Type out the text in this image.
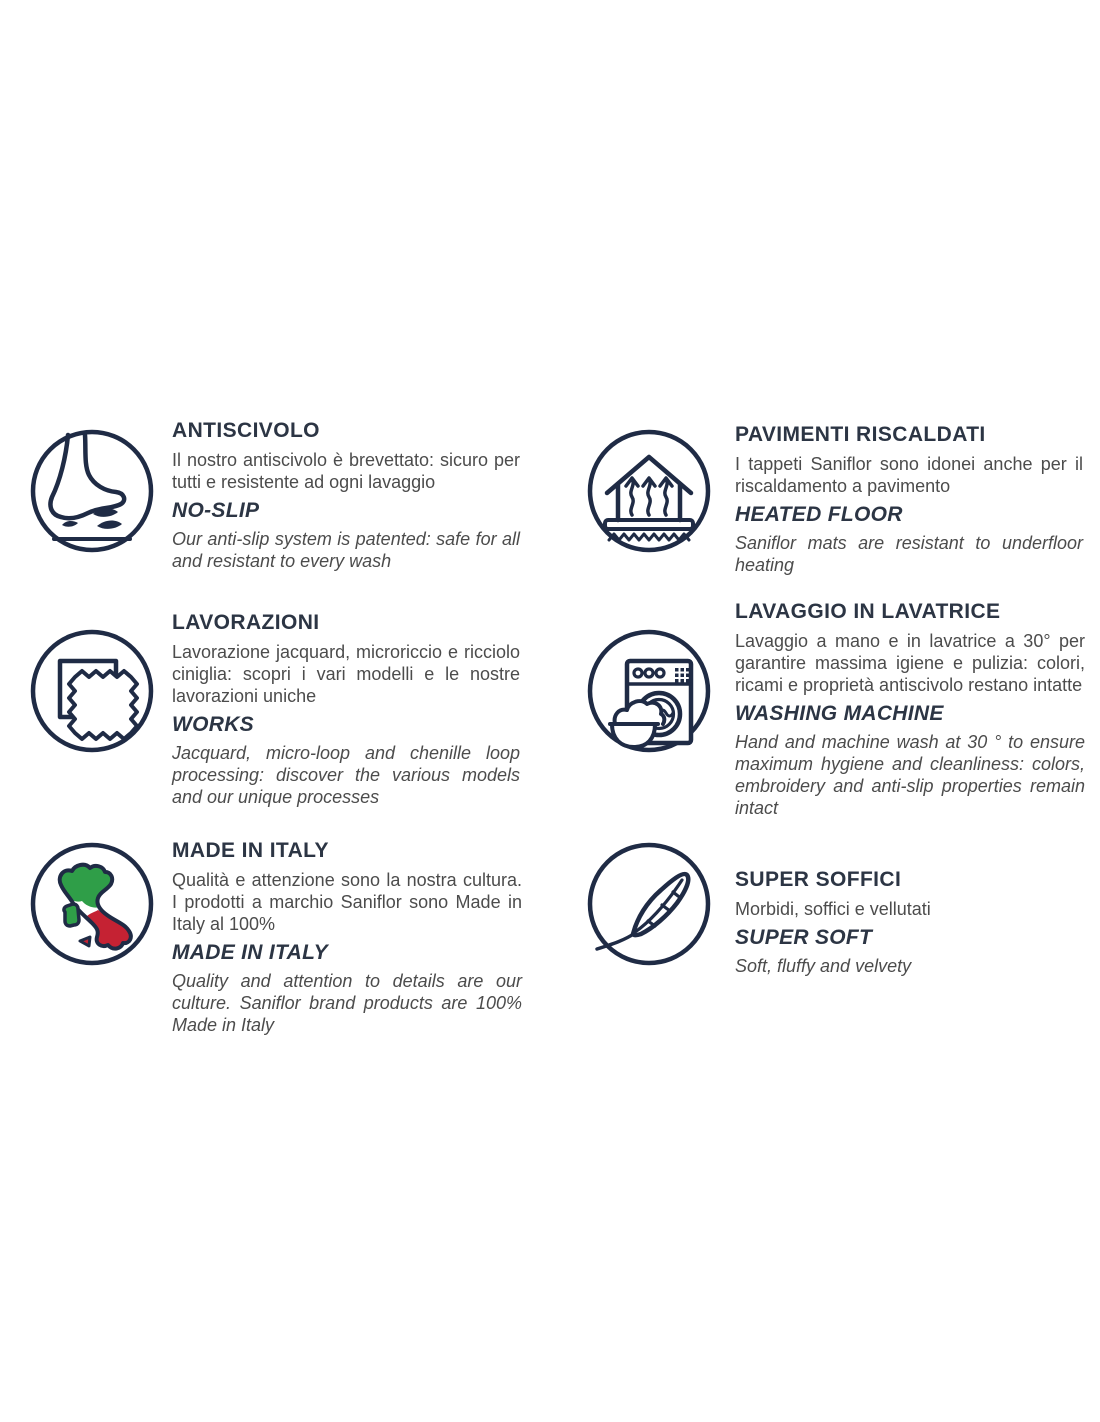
ANTISCIVOLO

Il nostro antiscivolo è brevettato: sicuro per tutti e resistente ad ogni lavaggio

NO-SLIP

Our anti-slip system is patented: safe for all and resistant to every wash

PAVIMENTI RISCALDATI

I tappeti Saniflor sono idonei anche per il riscaldamento a pavimento

HEATED FLOOR

Saniflor mats are resistant to underfloor heating

LAVORAZIONI

Lavorazione jacquard, microriccio e ricciolo ciniglia: scopri i vari modelli e le nostre lavorazioni uniche

WORKS

Jacquard, micro-loop and chenille loop processing: discover the various models and our unique processes

LAVAGGIO IN LAVATRICE

Lavaggio a mano e in lavatrice a 30° per garantire massima igiene e pulizia: colori, ricami e proprietà antiscivolo restano intatte

WASHING MACHINE

Hand and machine wash at 30 ° to ensure maximum hygiene and cleanliness: colors, embroidery and anti-slip properties remain intact

MADE IN ITALY

Qualità e attenzione sono la nostra cultura. I prodotti a marchio Saniflor sono Made in Italy al 100%

MADE IN ITALY

Quality and attention to details are our culture. Saniflor brand products are 100% Made in Italy

SUPER SOFFICI

Morbidi, soffici e vellutati

SUPER SOFT

Soft, fluffy and velvety
